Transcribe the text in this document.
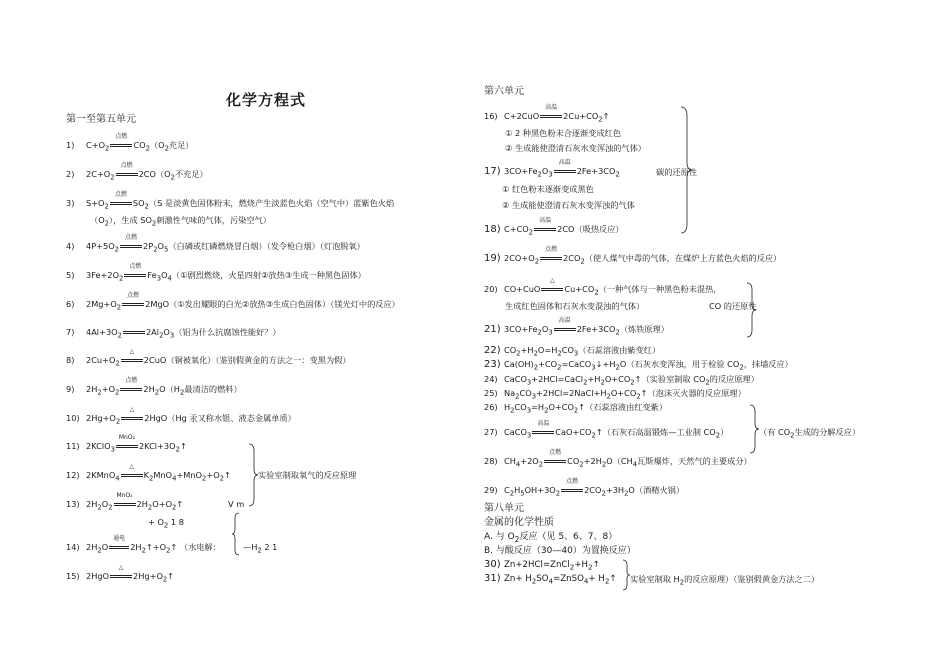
化学方程式
第一至第五单元
1) $C+O_2$
点燃
$CO_2(O_2$充足）
2) $2C+O_2$
点燃
$2CO(O_2$不充足）
3) $S+O_2$
点燃
$SO_2(S$ 是淡黄色固体粉末，燃烧产生淡蓝色火焰（空气中）蓝紫色火焰
$(O_2)$，生成 $SO_2$刺激性气味的气体，污染空气）
4) $4P+5O_2$
点燃
$2P_2O_5$（白磷或红磷燃烧冒白烟）（发令枪白烟）（灯泡脱氧）
5) $3Fe+2O_2$
点燃
$Fe_3O_4(①$剧烈燃烧，火星四射②放热③生成一种黑色固体）
6) $2Mg+O_2$
点燃
2MgO（①发出耀眼的白光②放热③生成白色固体）（镁光灯中的反应）
7) $4Al+3O_2$	$2Al_2O_3$（铝为什么抗腐蚀性能好？）
8) $2Cu+O_2$
△
2CuO（铜被氧化）（鉴别假黄金的方法之一：变黑为假）
9) $2H_2+O_2$
点燃
$2H_2O(H_2$最清洁的燃料）
10) $2Hg+O_2$
△
2HgO（Hg 汞又称水银、液态金属单质）
11) 2KClO$_3$
MnO₂
$2KCl+3O_2↑$
12) 2KMnO$_4$
△
$K_2MnO_4+MnO_2+O_2↑$	实验室制取氧气的反应原理
13) $2H_2O_2$
MnO₂
$2H_2O+O_2↑$	V m
+ $O_2$ 1 8
14) $2H_2O$
通电
$2H_2↑+O_2↑$ （水电解：	$—H_2$ 2 1
15) 2HgO
△
$2Hg+O_2↑$
第六单元
16) C+2CuO
高温
$2Cu+CO_2↑$
① 2 种黑色粉末合逐渐变成红色
② 生成能使澄清石灰水变浑浊的气体）
17) $3CO+Fe_2O_3$
高温
$2Fe+3CO_2$	碳的还原性
① 红色粉末逐渐变成黑色
② 生成能使澄清石灰水变浑浊的气体
18) $C+CO_2$
高温
2CO（吸热反应）
19) $2CO+O_2$
点燃
$2CO_2$（使人煤气中毒的气体，在煤炉上方蓝色火焰的反应）
20) CO+CuO
△
$Cu+CO_2$（一种气体与一种黑色粉末混热，
生成红色固体和石灰水变混浊的气体）	CO 的还原性
21) $3CO+Fe_2O_3$
高温
$2Fe+3CO_2$（炼铁原理）
22) $CO_2+H_2O=H_2CO_3$（石蕊溶液由紫变红）
23) $Ca(OH)_2+CO_2=CaCO_3↓+H_2O$（石灰水变浑浊，用于检验 $CO_2$，抹墙反应）
24) $CaCO_3+2HCl=CaCl_2+H_2O+CO_2↑$（实验室制取 $CO_2$的反应原理）
25) $Na_2CO_3+2HCl=2NaCl+H_2O+CO_2↑$（泡沫灭火器的反应原理）
26) $H_2CO_3=H_2O+CO_2↑$（石蕊溶液由红变紫）
27) CaCO$_3$
高温
$CaO+CO_2↑$（石灰石高温锻炼—工业制 $CO_2$）	（有 $CO_2$生成的分解反应）
28) $CH_4+2O_2$
点燃
$CO_2+2H_2O(CH_4$瓦斯爆炸，天然气的主要成分）
29) $C_2H_5OH+3O_2$
点燃
$2CO_2+3H_2O$（酒精火锅）
第八单元
金属的化学性质
A. 与 $O_2$反应（见 5、6、7、8）
B. 与酸反应（30—40）为置换反应）
30) $Zn+2HCl=ZnCl_2+H_2↑$
31) $Zn+ H_2SO_4=ZnSO_4+$ $H_2↑$ 实验室制取 $H_2$的反应原理）（鉴别假黄金方法之二）
